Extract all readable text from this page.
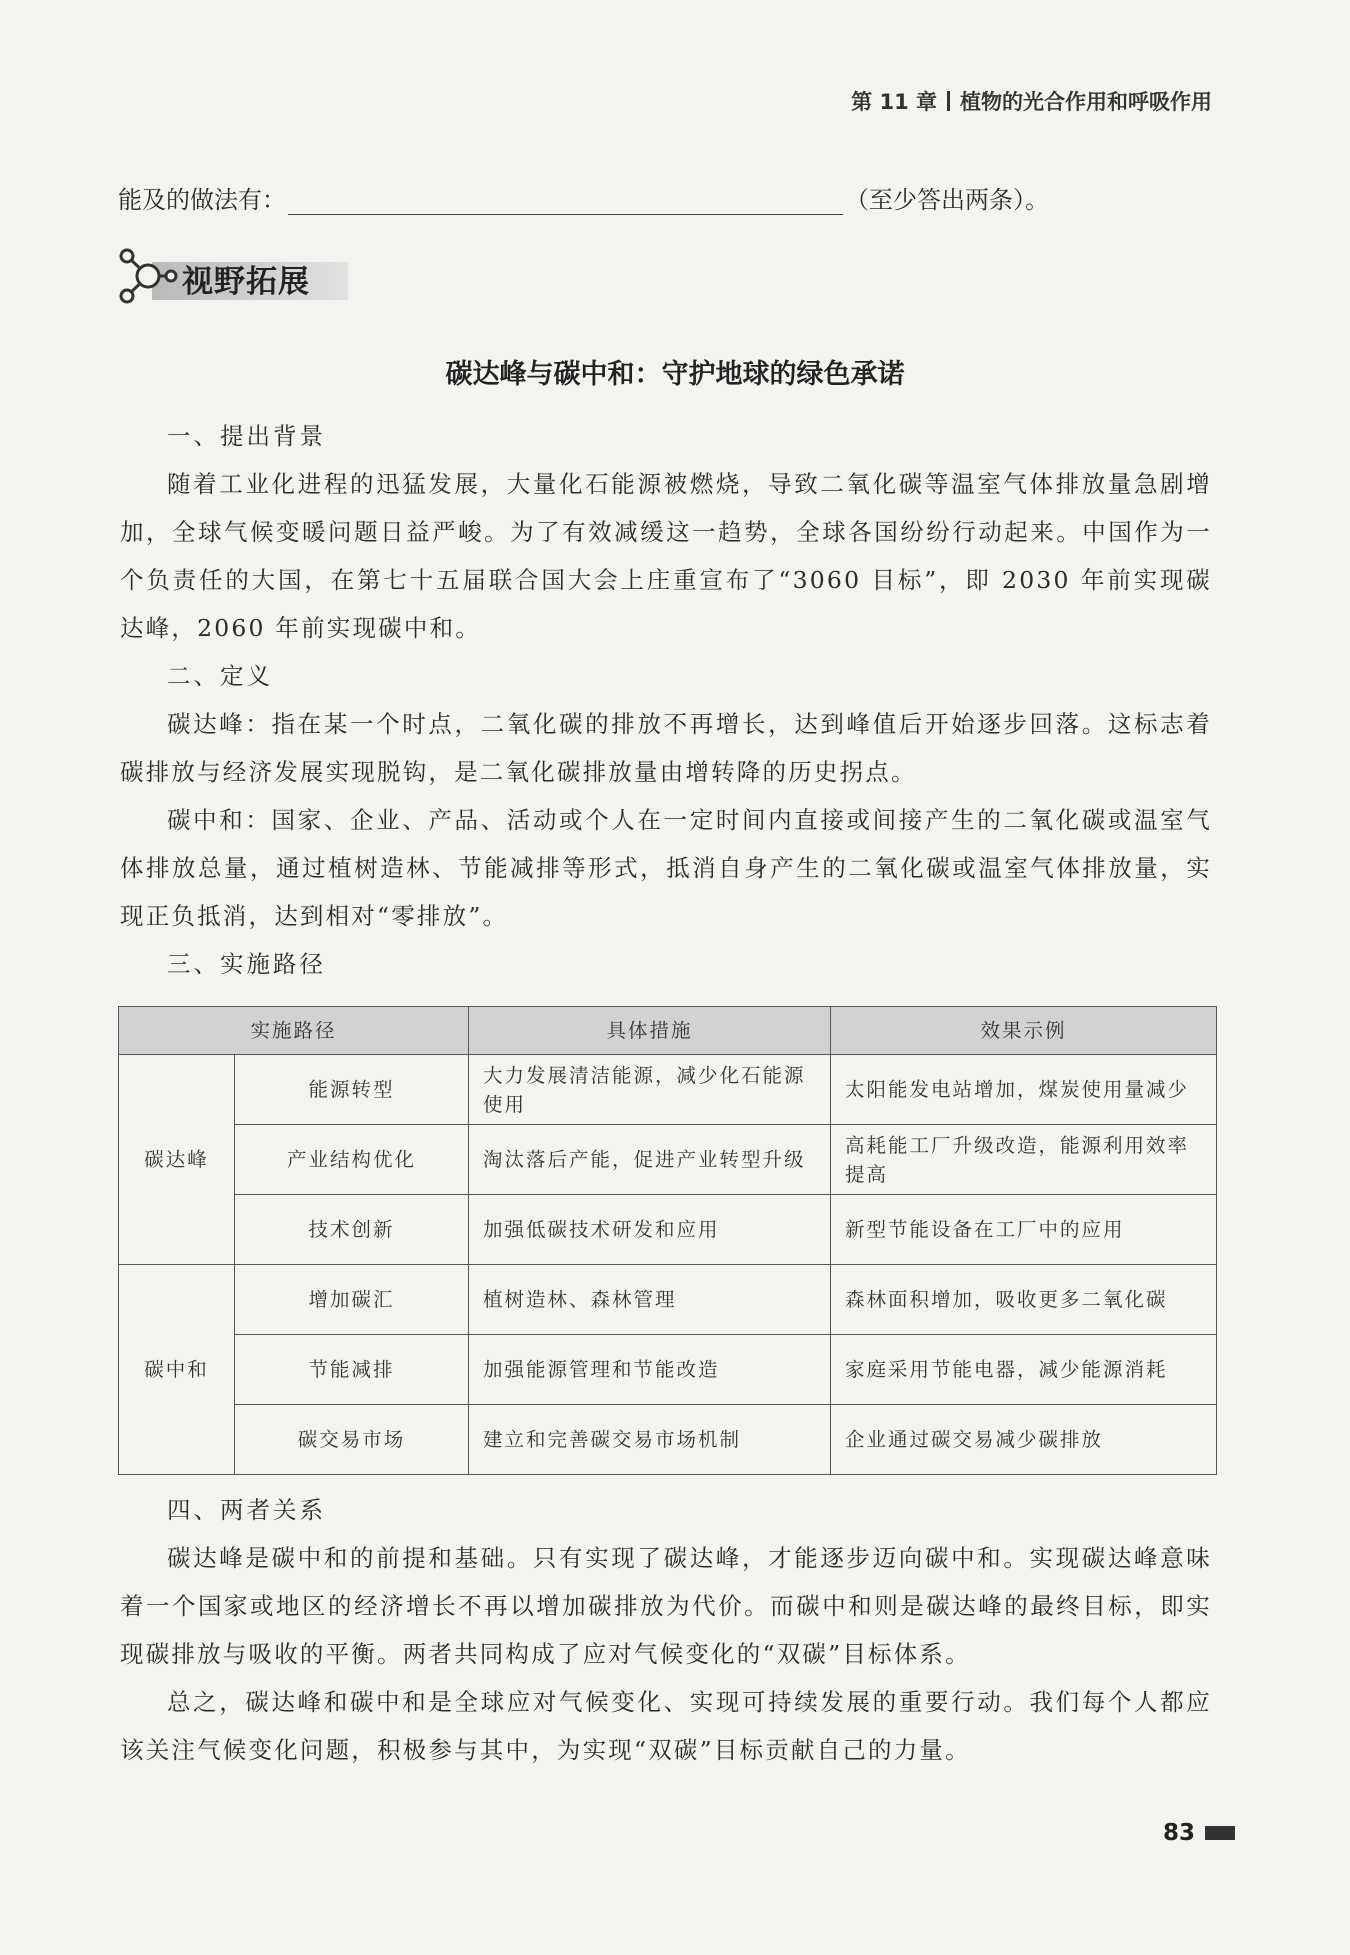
第 11 章 植物的光合作用和呼吸作用
能及的做法有：	（至少答出两条）。
视野拓展
碳达峰与碳中和：守护地球的绿色承诺

一、提出背景

随着工业化进程的迅猛发展，大量化石能源被燃烧，导致二氧化碳等温室气体排放量急剧增加，全球气候变暖问题日益严峻。为了有效减缓这一趋势，全球各国纷纷行动起来。中国作为一个负责任的大国，在第七十五届联合国大会上庄重宣布了“3060 目标”，即 2030 年前实现碳达峰，2060 年前实现碳中和。

二、定义

碳达峰：指在某一个时点，二氧化碳的排放不再增长，达到峰值后开始逐步回落。这标志着碳排放与经济发展实现脱钩，是二氧化碳排放量由增转降的历史拐点。

碳中和：国家、企业、产品、活动或个人在一定时间内直接或间接产生的二氧化碳或温室气体排放总量，通过植树造林、节能减排等形式，抵消自身产生的二氧化碳或温室气体排放量，实现正负抵消，达到相对“零排放”。

三、实施路径

实施路径		具体措施	效果示例
碳达峰	能源转型	大力发展清洁能源，减少化石能源使用	太阳能发电站增加，煤炭使用量减少
	产业结构优化	淘汰落后产能，促进产业转型升级	高耗能工厂升级改造，能源利用效率提高
	技术创新	加强低碳技术研发和应用	新型节能设备在工厂中的应用
碳中和	增加碳汇	植树造林、森林管理	森林面积增加，吸收更多二氧化碳
	节能减排	加强能源管理和节能改造	家庭采用节能电器，减少能源消耗
	碳交易市场	建立和完善碳交易市场机制	企业通过碳交易减少碳排放

四、两者关系

碳达峰是碳中和的前提和基础。只有实现了碳达峰，才能逐步迈向碳中和。实现碳达峰意味着一个国家或地区的经济增长不再以增加碳排放为代价。而碳中和则是碳达峰的最终目标，即实现碳排放与吸收的平衡。两者共同构成了应对气候变化的“双碳”目标体系。

总之，碳达峰和碳中和是全球应对气候变化、实现可持续发展的重要行动。我们每个人都应该关注气候变化问题，积极参与其中，为实现“双碳”目标贡献自己的力量。

83
